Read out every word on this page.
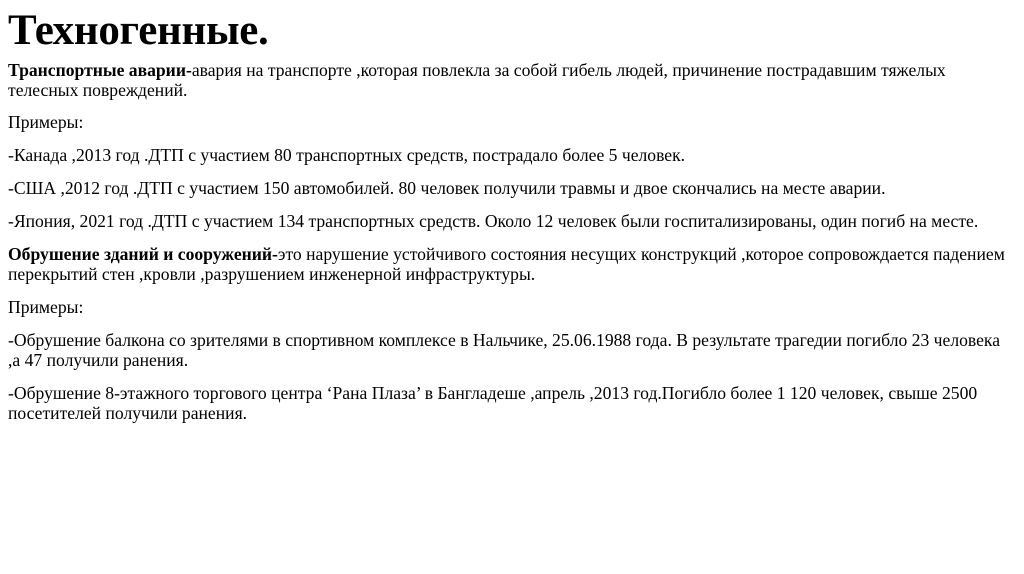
Техногенные.
Транспортные аварии-авария на транспорте ,которая повлекла за собой гибель людей, причинение пострадавшим тяжелых телесных повреждений.
Примеры:
-Канада ,2013 год .ДТП с участием 80 транспортных средств, пострадало более 5 человек.
-США ,2012 год .ДТП с участием 150 автомобилей. 80 человек получили травмы и двое скончались на месте аварии.
-Япония, 2021 год .ДТП с участием 134 транспортных средств. Около 12 человек были госпитализированы, один погиб на месте.
Обрушение зданий и сооружений-это нарушение устойчивого состояния несущих конструкций ,которое сопровождается падением перекрытий стен ,кровли ,разрушением инженерной инфраструктуры.
Примеры:
-Обрушение балкона со зрителями в спортивном комплексе в Нальчике, 25.06.1988 года. В результате трагедии погибло 23 человека ,а 47 получили ранения.
-Обрушение 8-этажного торгового центра ‘Рана Плаза’ в Бангладеше ,апрель ,2013 год.Погибло более 1 120 человек, свыше 2500 посетителей получили ранения.
